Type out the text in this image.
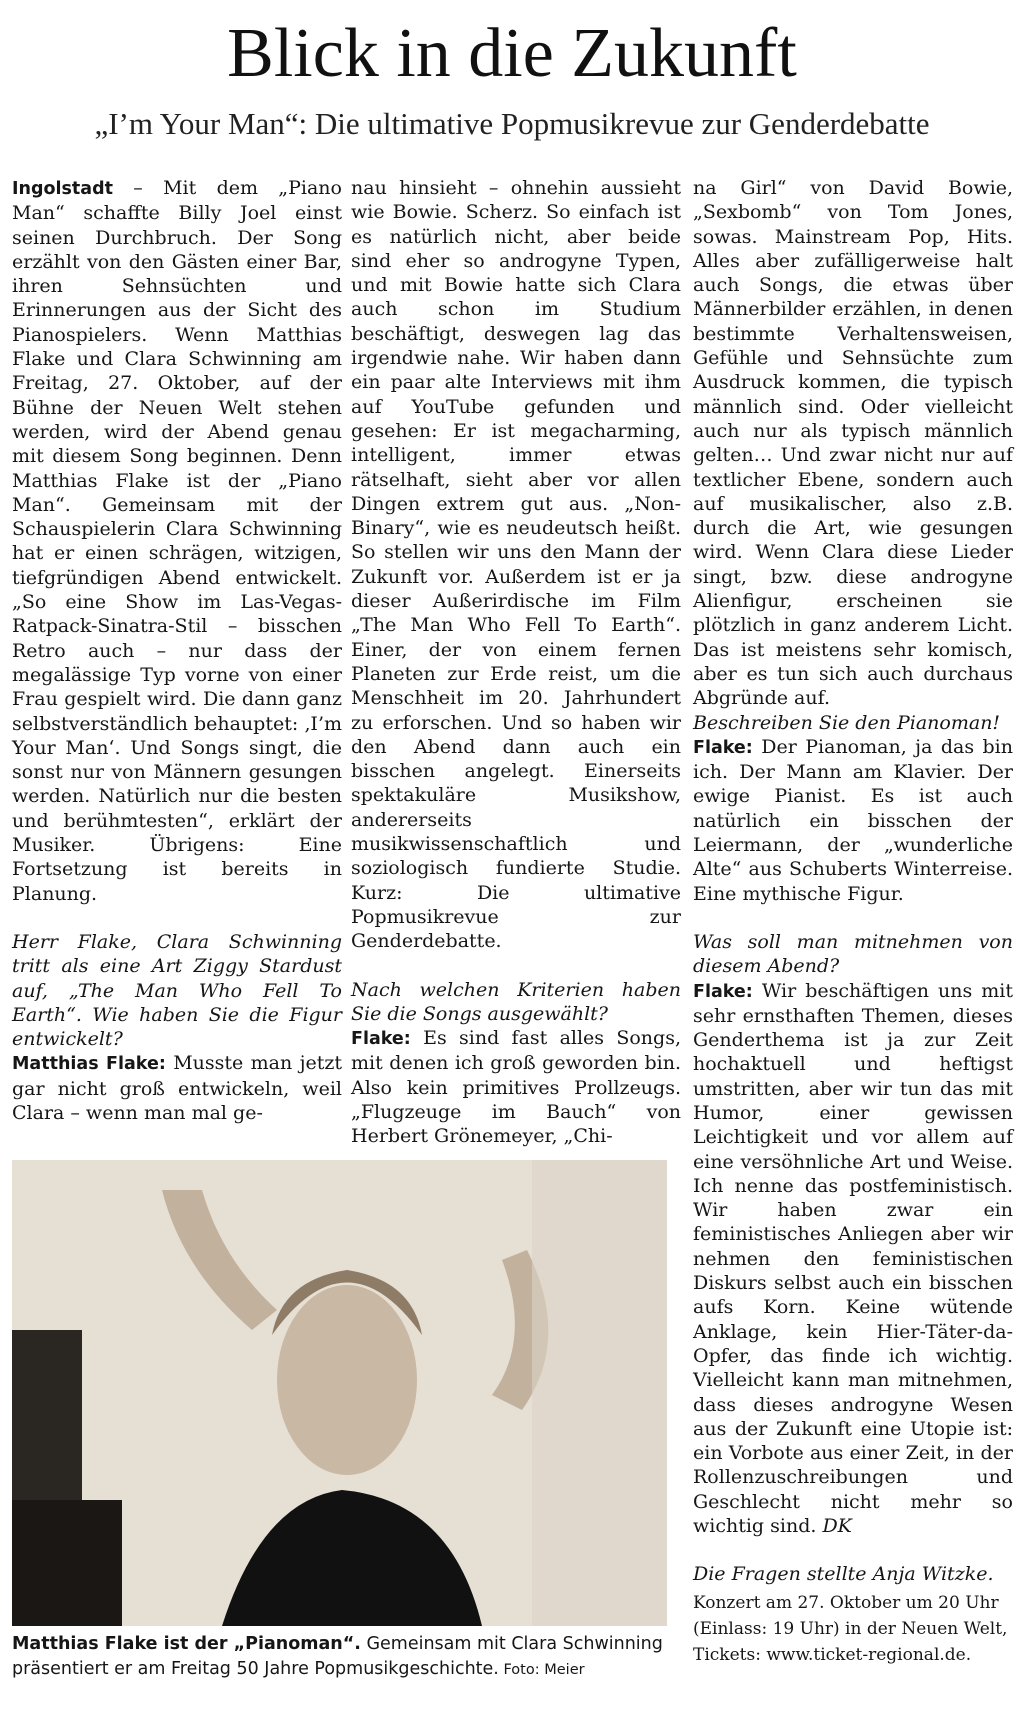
Blick in die Zukunft
„I’m Your Man“: Die ultimative Popmusikrevue zur Genderdebatte

Ingolstadt – Mit dem „Piano Man“ schaffte Billy Joel einst seinen Durchbruch. Der Song erzählt von den Gästen einer Bar, ihren Sehnsüchten und Erinnerungen aus der Sicht des Pianospielers. Wenn Matthias Flake und Clara Schwinning am Freitag, 27. Oktober, auf der Bühne der Neuen Welt stehen werden, wird der Abend genau mit diesem Song beginnen. Denn Matthias Flake ist der „Piano Man“. Gemeinsam mit der Schauspielerin Clara Schwinning hat er einen schrägen, witzigen, tiefgründigen Abend entwickelt. „So eine Show im Las-Vegas-Ratpack-Sinatra-Stil – bisschen Retro auch – nur dass der megalässige Typ vorne von einer Frau gespielt wird. Die dann ganz selbstverständlich behauptet: ‚I’m Your Man‘. Und Songs singt, die sonst nur von Männern gesungen werden. Natürlich nur die besten und berühmtesten“, erklärt der Musiker. Übrigens: Eine Fortsetzung ist bereits in Planung.

Herr Flake, Clara Schwinning tritt als eine Art Ziggy Stardust auf, „The Man Who Fell To Earth“. Wie haben Sie die Figur entwickelt?

Matthias Flake: Musste man jetzt gar nicht groß entwickeln, weil Clara – wenn man mal ge-

nau hinsieht – ohnehin aussieht wie Bowie. Scherz. So einfach ist es natürlich nicht, aber beide sind eher so androgyne Typen, und mit Bowie hatte sich Clara auch schon im Studium beschäftigt, deswegen lag das irgendwie nahe. Wir haben dann ein paar alte Interviews mit ihm auf YouTube gefunden und gesehen: Er ist megacharming, intelligent, immer etwas rätselhaft, sieht aber vor allen Dingen extrem gut aus. „Non-Binary“, wie es neudeutsch heißt. So stellen wir uns den Mann der Zukunft vor. Außerdem ist er ja dieser Außerirdische im Film „The Man Who Fell To Earth“. Einer, der von einem fernen Planeten zur Erde reist, um die Menschheit im 20. Jahrhundert zu erforschen. Und so haben wir den Abend dann auch ein bisschen angelegt. Einerseits spektakuläre Musikshow, andererseits musikwissenschaftlich und soziologisch fundierte Studie. Kurz: Die ultimative Popmusikrevue zur Genderdebatte.

Nach welchen Kriterien haben Sie die Songs ausgewählt?

Flake: Es sind fast alles Songs, mit denen ich groß geworden bin. Also kein primitives Prollzeugs. „Flugzeuge im Bauch“ von Herbert Grönemeyer, „Chi-

na Girl“ von David Bowie, „Sexbomb“ von Tom Jones, sowas. Mainstream Pop, Hits. Alles aber zufälligerweise halt auch Songs, die etwas über Männerbilder erzählen, in denen bestimmte Verhaltensweisen, Gefühle und Sehnsüchte zum Ausdruck kommen, die typisch männlich sind. Oder vielleicht auch nur als typisch männlich gelten… Und zwar nicht nur auf textlicher Ebene, sondern auch auf musikalischer, also z.B. durch die Art, wie gesungen wird. Wenn Clara diese Lieder singt, bzw. diese androgyne Alienfigur, erscheinen sie plötzlich in ganz anderem Licht. Das ist meistens sehr komisch, aber es tun sich auch durchaus Abgründe auf.

Beschreiben Sie den Pianoman!

Flake: Der Pianoman, ja das bin ich. Der Mann am Klavier. Der ewige Pianist. Es ist auch natürlich ein bisschen der Leiermann, der „wunderliche Alte“ aus Schuberts Winterreise. Eine mythische Figur.

Was soll man mitnehmen von diesem Abend?

Flake: Wir beschäftigen uns mit sehr ernsthaften Themen, dieses Genderthema ist ja zur Zeit hochaktuell und heftigst umstritten, aber wir tun das mit Humor, einer gewissen Leichtigkeit und vor allem auf eine versöhnliche Art und Weise. Ich nenne das postfeministisch. Wir haben zwar ein feministisches Anliegen aber wir nehmen den feministischen Diskurs selbst auch ein bisschen aufs Korn. Keine wütende Anklage, kein Hier-Täter-da-Opfer, das finde ich wichtig. Vielleicht kann man mitnehmen, dass dieses androgyne Wesen aus der Zukunft eine Utopie ist: ein Vorbote aus einer Zeit, in der Rollenzuschreibungen und Geschlecht nicht mehr so wichtig sind. DK

Die Fragen stellte Anja Witzke.

Konzert am 27. Oktober um 20 Uhr
(Einlass: 19 Uhr) in der Neuen Welt,
Tickets: www.ticket-regional.de.
Matthias Flake ist der „Pianoman“. Gemeinsam mit Clara Schwinning präsentiert er am Freitag 50 Jahre Popmusikgeschichte. Foto: Meier
